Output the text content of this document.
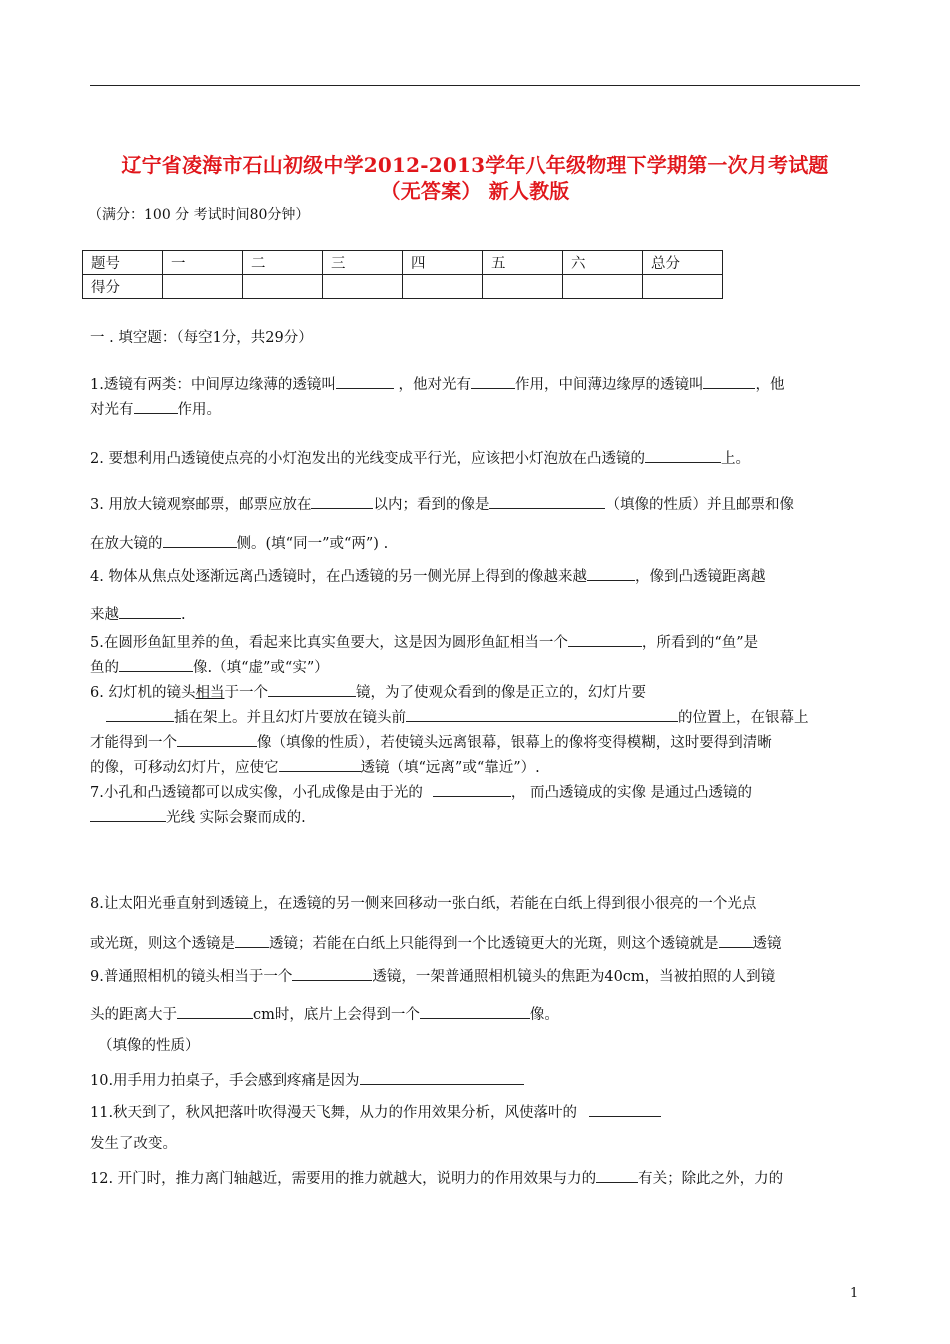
辽宁省凌海市石山初级中学2012-2013学年八年级物理下学期第一次月考试题
（无答案） 新人教版
（满分：100 分 考试时间80分钟）
题号	一	二	三	四	五	六	总分
得分							
一 . 填空题：（每空1分，共29分）
1.透镜有两类：中间厚边缘薄的透镜叫	，他对光有	作用，中间薄边缘厚的透镜叫	，他
对光有	作用。
2. 要想利用凸透镜使点亮的小灯泡发出的光线变成平行光，应该把小灯泡放在凸透镜的	上。
3. 用放大镜观察邮票，邮票应放在	以内；看到的像是	（填像的性质）并且邮票和像
在放大镜的	侧。(填“同一”或“两”) .
4. 物体从焦点处逐渐远离凸透镜时，在凸透镜的另一侧光屏上得到的像越来越	，像到凸透镜距离越
来越	.
5.在圆形鱼缸里养的鱼，看起来比真实鱼要大，这是因为圆形鱼缸相当一个	，所看到的“鱼”是
鱼的	像.（填“虚”或“实”）
6. 幻灯机的镜头相当于一个	镜，为了使观众看到的像是正立的，幻灯片要
插在架上。并且幻灯片要放在镜头前	的位置上，在银幕上
才能得到一个	像（填像的性质），若使镜头远离银幕，银幕上的像将变得模糊，这时要得到清晰
的像，可移动幻灯片，应使它	透镜（填“远离”或“靠近”）.
7.小孔和凸透镜都可以成实像，小孔成像是由于光的	， 而凸透镜成的实像 是通过凸透镜的
光线 实际会聚而成的.
8.让太阳光垂直射到透镜上，在透镜的另一侧来回移动一张白纸，若能在白纸上得到很小很亮的一个光点
或光斑，则这个透镜是 透镜；若能在白纸上只能得到一个比透镜更大的光斑，则这个透镜就是 透镜
9.普通照相机的镜头相当于一个	透镜，一架普通照相机镜头的焦距为40cm，当被拍照的人到镜
头的距离大于	cm时，底片上会得到一个	像。
（填像的性质）
10.用手用力拍桌子，手会感到疼痛是因为
11.秋天到了，秋风把落叶吹得漫天飞舞，从力的作用效果分析，风使落叶的
发生了改变。
12. 开门时，推力离门轴越近，需要用的推力就越大，说明力的作用效果与力的	有关；除此之外，力的
1
